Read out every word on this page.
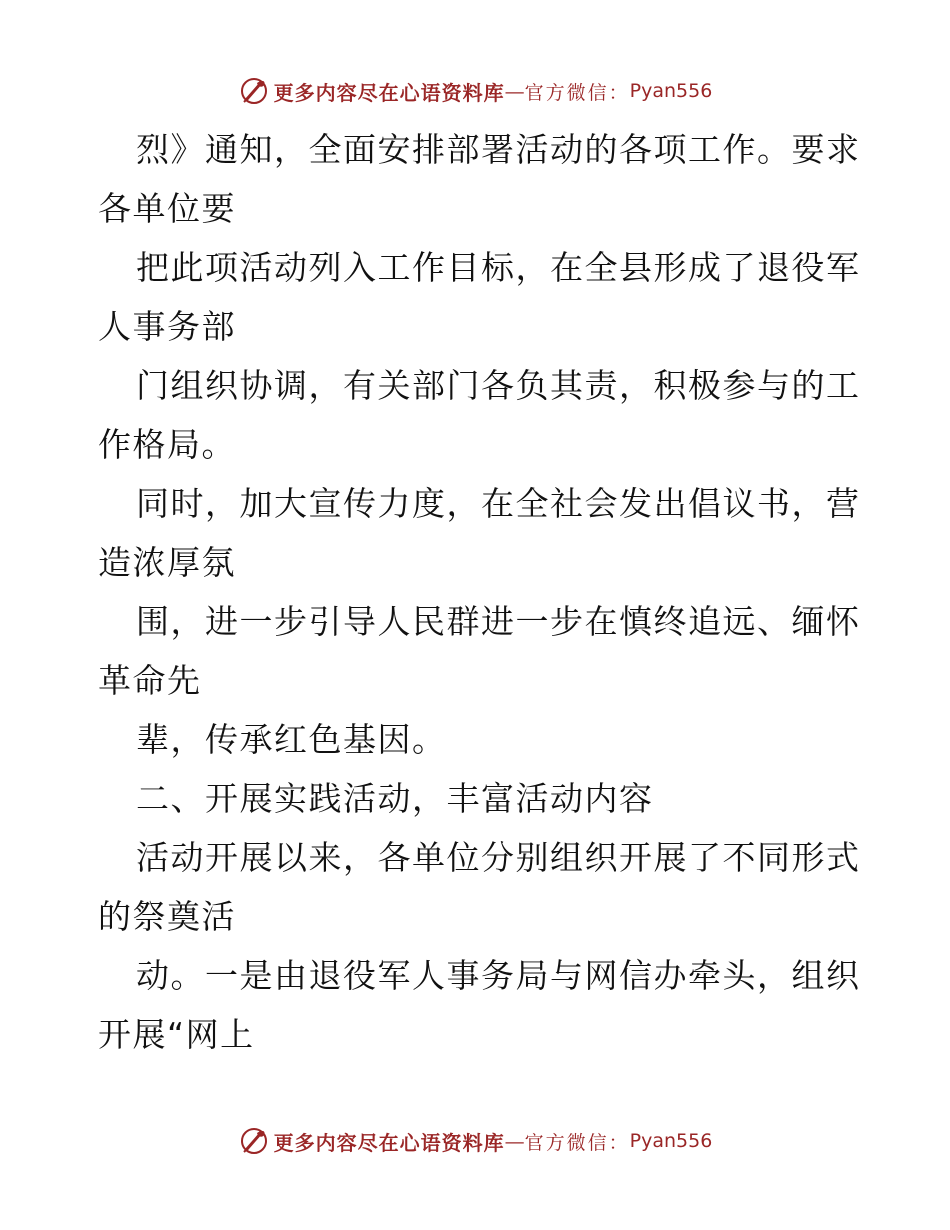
更多内容尽在心语资料库 — 官方微信： Pyan556
烈》通知，全面安排部署活动的各项工作。要求
各单位要
把此项活动列入工作目标，在全县形成了退役军
人事务部
门组织协调，有关部门各负其责，积极参与的工
作格局。
同时，加大宣传力度，在全社会发出倡议书，营
造浓厚氛
围，进一步引导人民群进一步在慎终追远、缅怀
革命先
辈，传承红色基因。
二、开展实践活动，丰富活动内容
活动开展以来，各单位分别组织开展了不同形式
的祭奠活
动。一是由退役军人事务局与网信办牵头，组织
开展“网上
更多内容尽在心语资料库 — 官方微信： Pyan556
